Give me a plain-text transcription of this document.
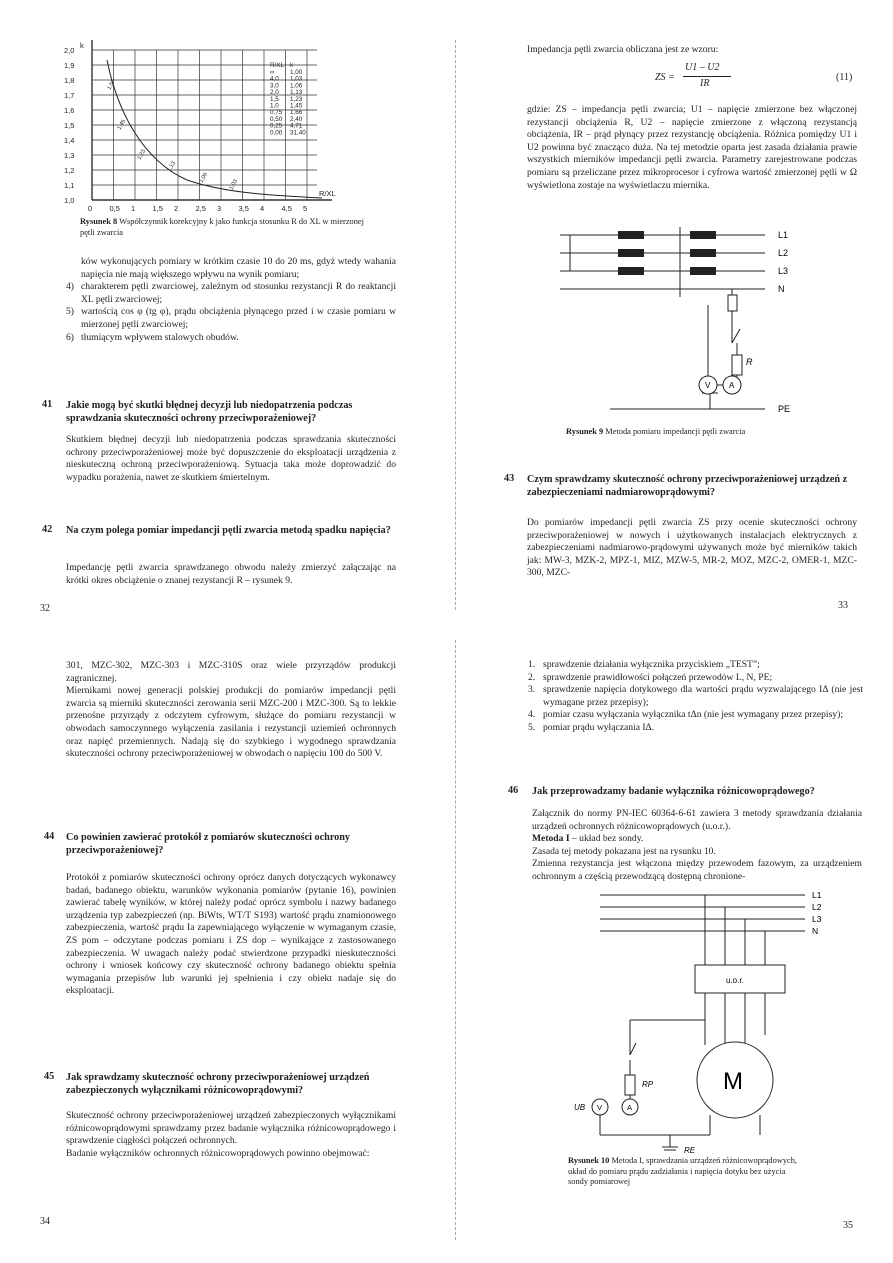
2,0
1,9
1,8
1,7
1,6
1,5
1,4
1,3
1,2
1,1
1,0
0 0,5 1 1,5 2 2,5 3 3,5 4 4,5 5
k
R/XL
R/XL k
∞ 1,00
4,0 1,03
3,0 1,06
2,0 1,13
1,5 1,23
1,0 1,45
0,75 1,66
0,50 2,40
0,25 4,71
0,00 31,40
1,5°
1,45
1,23
1,13
1,06
1,03
Rysunek 8 Współczynnik korekcyjny k jako funkcja stosunku R do XL w mierzonej pętli zwarcia

ków wykonujących pomiary w krótkim czasie 10 do 20 ms, gdyż wtedy wahania napięcia nie mają większego wpływu na wynik pomiaru;

4) charakterem pętli zwarciowej, zależnym od stosunku rezystancji R do reaktancji XL pętli zwarciowej;

5) wartością cos φ (tg φ), prądu obciążenia płynącego przed i w czasie pomiaru w mierzonej pętli zwarciowej;

6) tłumiącym wpływem stalowych obudów.

41 Jakie mogą być skutki błędnej decyzji lub niedopatrzenia podczas sprawdzania skuteczności ochrony przeciwporażeniowej?

Skutkiem błędnej decyzji lub niedopatrzenia podczas sprawdzania skuteczności ochrony przeciwporażeniowej może być dopuszczenie do eksploatacji urządzenia z nieskuteczną ochroną przeciwporażeniową. Sytuacja taka może doprowadzić do wypadku porażenia, nawet ze skutkiem śmiertelnym.

42 Na czym polega pomiar impedancji pętli zwarcia metodą spadku napięcia?

Impedancję pętli zwarcia sprawdzanego obwodu należy zmierzyć załączając na krótki okres obciążenie o znanej rezystancji R – rysunek 9.

32

Impedancja pętli zwarcia obliczana jest ze wzoru:

ZS =
U1 – U2
IR
(11)

gdzie: ZS – impedancja pętli zwarcia; U1 – napięcie zmierzone bez włączonej rezystancji obciążenia R, U2 – napięcie zmierzone z włączoną rezystancją obciążenia, IR – prąd płynący przez rezystancję obciążenia. Różnica pomiędzy U1 i U2 powinna być znacząco duża. Na tej metodzie oparta jest zasada działania prawie wszystkich mierników impedancji pętli zwarcia. Parametry zarejestrowane podczas pomiaru są przeliczane przez mikroprocesor i cyfrowa wartość zmierzonej pętli w Ω wyświetlona zostaje na wyświetlaczu miernika.

L1
L2
L3
N
PE
R
V A
Rysunek 9 Metoda pomiaru impedancji pętli zwarcia
43 Czym sprawdzamy skuteczność ochrony przeciwporażeniowej urządzeń z zabezpieczeniami nadmiarowoprądowymi?

Do pomiarów impedancji pętli zwarcia ZS przy ocenie skuteczności ochrony przeciwporażeniowej w nowych i użytkowanych instalacjach elektrycznych z zabezpieczeniami nadmiarowo-prądowymi używanych może być mierników takich jak: MW-3, MZK-2, MPZ-1, MIZ, MZW-5, MR-2, MOZ, MZC-2, OMER-1, MZC-300, MZC-

33

301, MZC-302, MZC-303 i MZC-310S oraz wiele przyrządów produkcji zagranicznej.

Miernikami nowej generacji polskiej produkcji do pomiarów impedancji pętli zwarcia są mierniki skuteczności zerowania serii MZC-200 i MZC-300. Są to lekkie przenośne przyrządy z odczytem cyfrowym, służące do pomiaru rezystancji w obwodach samoczynnego wyłączenia zasilania i rezystancji uziemień ochronnych oraz napięć przemiennych. Nadają się do szybkiego i wygodnego sprawdzania skuteczności ochrony przeciwporażeniowej w obwodach o napięciu 100 do 500 V.

44 Co powinien zawierać protokół z pomiarów skuteczności ochrony przeciwporażeniowej?

Protokół z pomiarów skuteczności ochrony oprócz danych dotyczących wykonawcy badań, badanego obiektu, warunków wykonania pomiarów (pytanie 16), powinien zawierać tabelę wyników, w której należy podać oprócz symbolu i nazwy badanego urządzenia typ zabezpieczeń (np. BiWts, WT/T S193) wartość prądu znamionowego zabezpieczenia, wartość prądu Ia zapewniającego wyłączenie w wymaganym czasie, ZS pom – odczytane podczas pomiaru i ZS dop – wynikające z zastosowanego zabezpieczenia. W uwagach należy podać stwierdzone przypadki nieskuteczności ochrony i wniosek końcowy czy skuteczność ochrony badanego obiektu spełnia wymagania przepisów lub warunki jej spełnienia i czy obiekt nadaje się do eksploatacji.

45 Jak sprawdzamy skuteczność ochrony przeciwporażeniowej urządzeń zabezpieczonych wyłącznikami różnicowoprądowymi?

Skuteczność ochrony przeciwporażeniowej urządzeń zabezpieczonych wyłącznikami różnicowoprądowymi sprawdzamy przez badanie wyłącznika różnicowoprądowego i sprawdzenie ciągłości połączeń ochronnych.

Badanie wyłączników ochronnych różnicowoprądowych powinno obejmować:

34

1. sprawdzenie działania wyłącznika przyciskiem „TEST”;

2. sprawdzenie prawidłowości połączeń przewodów L, N, PE;

3. sprawdzenie napięcia dotykowego dla wartości prądu wyzwalającego IΔ (nie jest wymagane przez przepisy);

4. pomiar czasu wyłączania wyłącznika tΔn (nie jest wymagany przez przepisy);

5. pomiar prądu wyłączania IΔ.

46 Jak przeprowadzamy badanie wyłącznika różnicowoprądowego?

Załącznik do normy PN-IEC 60364-6-61 zawiera 3 metody sprawdzania działania urządzeń ochronnych różnicowoprądowych (u.o.r.).

Metoda I – układ bez sondy.

Zasada tej metody pokazana jest na rysunku 10.

Zmienna rezystancja jest włączona między przewodem fazowym, za urządzeniem ochronnym a częścią przewodzącą dostępną chronione-

L1
L2
L3
N
u.o.r.
M
RP
RE
UB V	A
Rysunek 10 Metoda I, sprawdzania urządzeń różnicowoprądowych, układ do pomiaru prądu zadziałania i napięcia dotyku bez użycia sondy pomiarowej
35
